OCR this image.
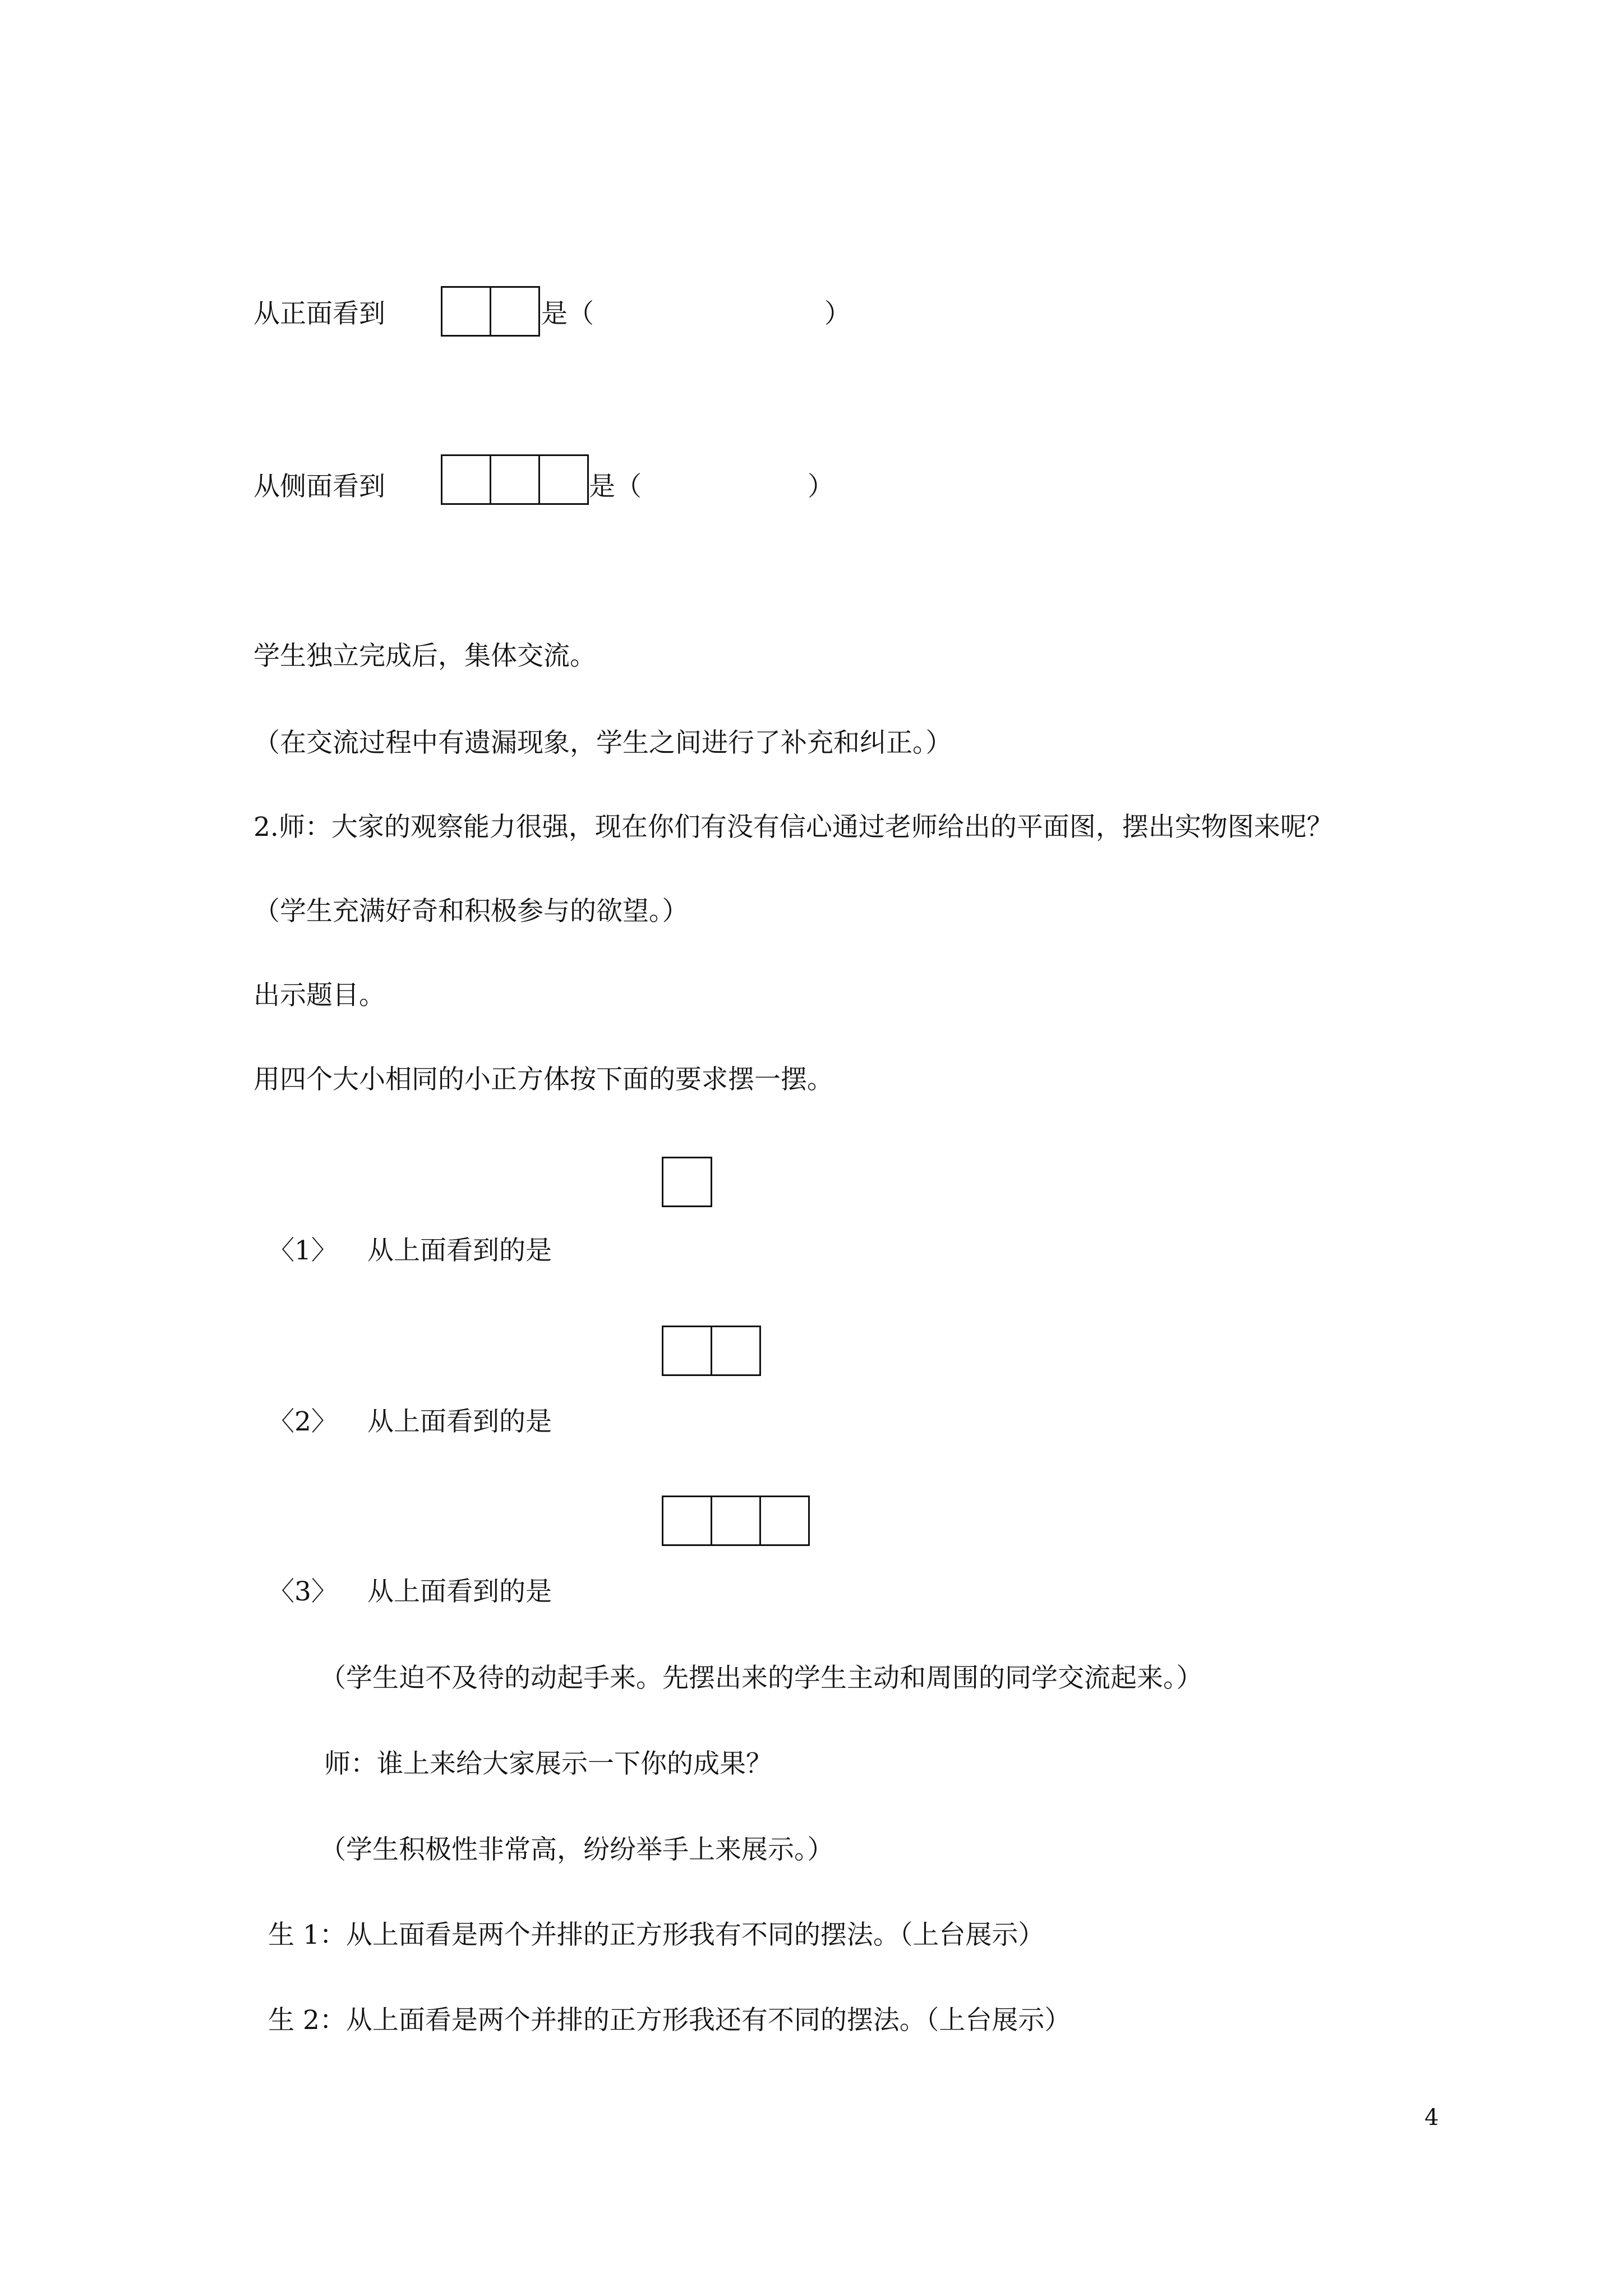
从正面看到	是（	）
从侧面看到	是（	）
学生独立完成后，集体交流。
（在交流过程中有遗漏现象，学生之间进行了补充和纠正。）
2.师：大家的观察能力很强，现在你们有没有信心通过老师给出的平面图，摆出实物图来呢？
（学生充满好奇和积极参与的欲望。）
出示题目。
用四个大小相同的小正方体按下面的要求摆一摆。
〈1〉 从上面看到的是
〈2〉 从上面看到的是
〈3〉 从上面看到的是
（学生迫不及待的动起手来。先摆出来的学生主动和周围的同学交流起来。）
师：谁上来给大家展示一下你的成果？
（学生积极性非常高，纷纷举手上来展示。）
生 1：从上面看是两个并排的正方形我有不同的摆法。（上台展示）
生 2：从上面看是两个并排的正方形我还有不同的摆法。（上台展示）
4
